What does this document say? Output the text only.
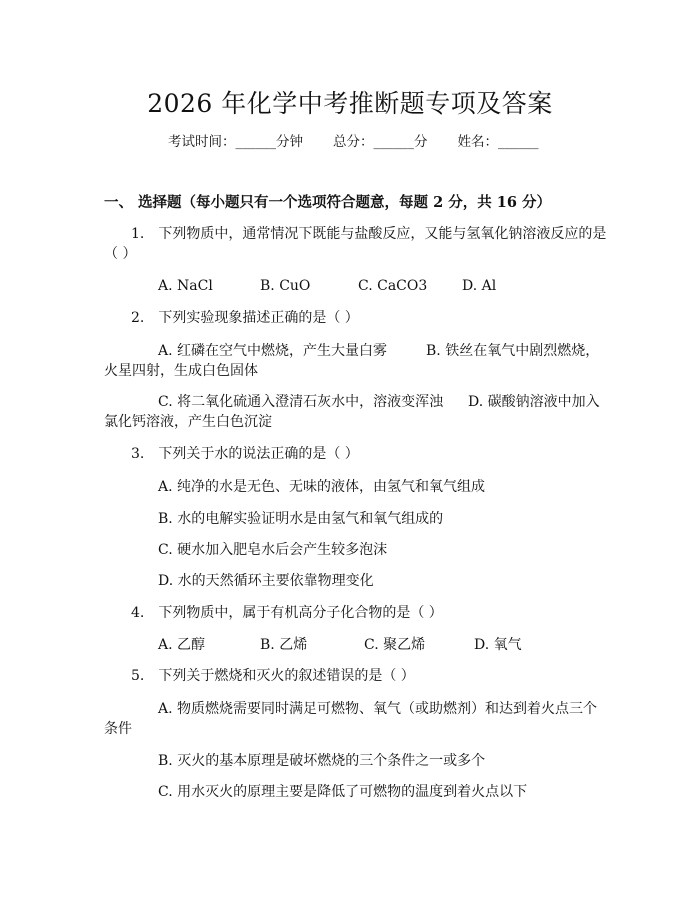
2026 年化学中考推断题专项及答案
考试时间：______分钟 总分：______分 姓名：______
一、 选择题（每小题只有一个选项符合题意，每题 2 分，共 16 分）
1. 下列物质中，通常情况下既能与盐酸反应，又能与氢氧化钠溶液反应的是
（ ）
A. NaCl	B. CuO	C. CaCO3 D. Al
2. 下列实验现象描述正确的是（ ）
A. 红磷在空气中燃烧，产生大量白雾	B. 铁丝在氧气中剧烈燃烧，
火星四射，生成白色固体
C. 将二氧化硫通入澄清石灰水中，溶液变浑浊 D. 碳酸钠溶液中加入
氯化钙溶液，产生白色沉淀
3. 下列关于水的说法正确的是（ ）
A. 纯净的水是无色、无味的液体，由氢气和氧气组成
B. 水的电解实验证明水是由氢气和氧气组成的
C. 硬水加入肥皂水后会产生较多泡沫
D. 水的天然循环主要依靠物理变化
4. 下列物质中，属于有机高分子化合物的是（ ）
A. 乙醇	B. 乙烯	C. 聚乙烯	D. 氧气
5. 下列关于燃烧和灭火的叙述错误的是（ ）
A. 物质燃烧需要同时满足可燃物、氧气（或助燃剂）和达到着火点三个
条件
B. 灭火的基本原理是破坏燃烧的三个条件之一或多个
C. 用水灭火的原理主要是降低了可燃物的温度到着火点以下
